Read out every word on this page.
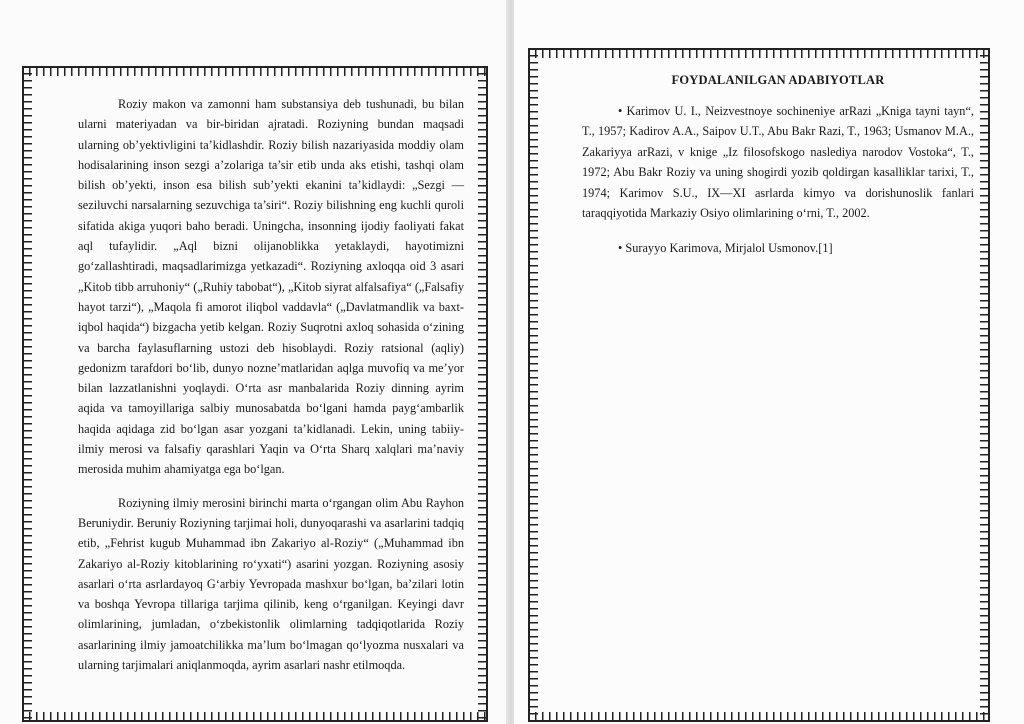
Roziy makon va zamonni ham substansiya deb tushunadi, bu bilan ularni materiyadan va bir-biridan ajratadi. Roziyning bundan maqsadi ularning ob’yektivligini ta’kidlashdir. Roziy bilish nazariyasida moddiy olam hodisalarining inson sezgi a’zolariga ta’sir etib unda aks etishi, tashqi olam bilish ob’yekti, inson esa bilish sub’yekti ekanini ta’kidlaydi: „Sezgi — seziluvchi narsalarning sezuvchiga ta’siri“. Roziy bilishning eng kuchli quroli sifatida akiga yuqori baho beradi. Uningcha, insonning ijodiy faoliyati fakat aql tufaylidir. „Aql bizni olijanoblikka yetaklaydi, hayotimizni go‘zallashtiradi, maqsadlarimizga yetkazadi“. Roziyning axloqqa oid 3 asari „Kitob tibb arruhoniy“ („Ruhiy tabobat“), „Kitob siyrat alfalsafiya“ („Falsafiy hayot tarzi“), „Maqola fi amorot iliqbol vaddavla“ („Davlatmandlik va baxt-iqbol haqida“) bizgacha yetib kelgan. Roziy Suqrotni axloq sohasida o‘zining va barcha faylasuflarning ustozi deb hisoblaydi. Roziy ratsional (aqliy) gedonizm tarafdori bo‘lib, dunyo nozne’matlaridan aqlga muvofiq va me’yor bilan lazzatlanishni yoqlaydi. O‘rta asr manbalarida Roziy dinning ayrim aqida va tamoyillariga salbiy munosabatda bo‘lgani hamda payg‘ambarlik haqida aqidaga zid bo‘lgan asar yozgani ta’kidlanadi. Lekin, uning tabiiy-ilmiy merosi va falsafiy qarashlari Yaqin va O‘rta Sharq xalqlari ma’naviy merosida muhim ahamiyatga ega bo‘lgan.

Roziyning ilmiy merosini birinchi marta o‘rgangan olim Abu Rayhon Beruniydir. Beruniy Roziyning tarjimai holi, dunyoqarashi va asarlarini tadqiq etib, „Fehrist kugub Muhammad ibn Zakariyo al-Roziy“ („Muhammad ibn Zakariyo al-Roziy kitoblarining ro‘yxati“) asarini yozgan. Roziyning asosiy asarlari o‘rta asrlardayoq G‘arbiy Yevropada mashxur bo‘lgan, ba’zilari lotin va boshqa Yevropa tillariga tarjima qilinib, keng o‘rganilgan. Keyingi davr olimlarining, jumladan, o‘zbekistonlik olimlarning tadqiqotlarida Roziy asarlarining ilmiy jamoatchilikka ma’lum bo‘lmagan qo‘lyozma nusxalari va ularning tarjimalari aniqlanmoqda, ayrim asarlari nashr etilmoqda.

FOYDALANILGAN ADABIYOTLAR

• Karimov U. I., Neizvestnoye sochineniye arRazi „Kniga tayni tayn“, T., 1957; Kadirov A.A., Saipov U.T., Abu Bakr Razi, T., 1963; Usmanov M.A., Zakariyya arRazi, v knige „Iz filosofskogo naslediya narodov Vostoka“, T., 1972; Abu Bakr Roziy va uning shogirdi yozib qoldirgan kasalliklar tarixi, T., 1974; Karimov S.U., IX—XI asrlarda kimyo va dorishunoslik fanlari taraqqiyotida Markaziy Osiyo olimlarining o‘rni, T., 2002.

• Surayyo Karimova, Mirjalol Usmonov.[1]
